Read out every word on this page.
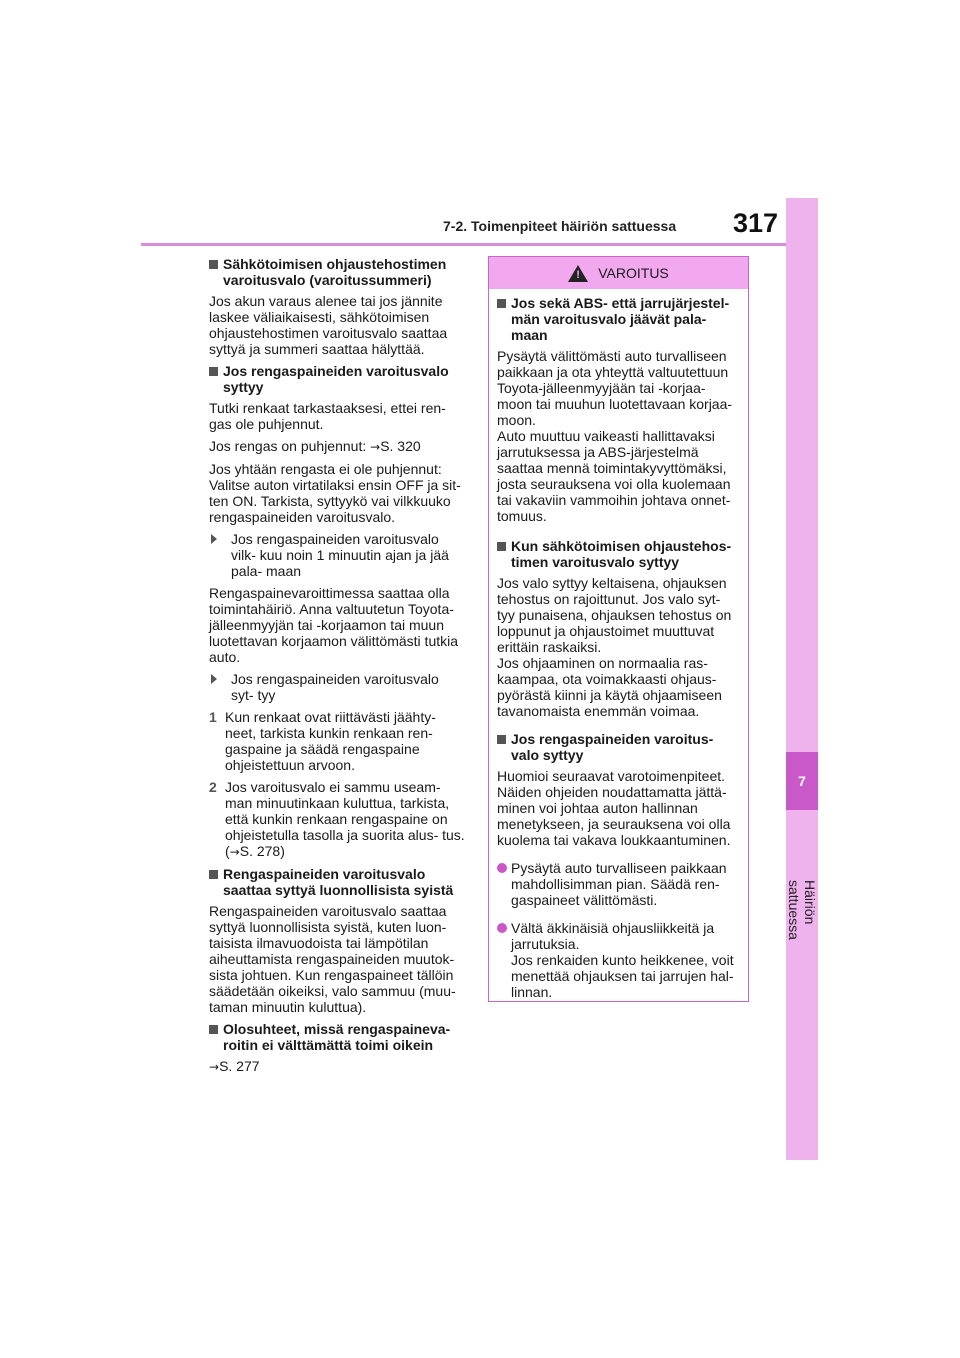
7-2. Toimenpiteet häiriön sattuessa 317
7
Häiriön sattuessa
Sähkötoimisen ohjaustehostimen varoitusvalo (varoitussummeri)

Jos akun varaus alenee tai jos jännite laskee väliaikaisesti, sähkötoimisen ohjaustehostimen varoitusvalo saattaa syttyä ja summeri saattaa hälyttää.

Jos rengaspaineiden varoitusvalo syttyy

Tutki renkaat tarkastaaksesi, ettei ren- gas ole puhjennut.

Jos rengas on puhjennut: →S. 320

Jos yhtään rengasta ei ole puhjennut: Valitse auton virtatilaksi ensin OFF ja sit- ten ON. Tarkista, syttyykö vai vilkkuuko rengaspaineiden varoitusvalo.

Jos rengaspaineiden varoitusvalo vilk- kuu noin 1 minuutin ajan ja jää pala- maan

Rengaspainevaroittimessa saattaa olla toimintahäiriö. Anna valtuutetun Toyota- jälleenmyyjän tai -korjaamon tai muun luotettavan korjaamon välittömästi tutkia auto.

Jos rengaspaineiden varoitusvalo syt- tyy
1 Kun renkaat ovat riittävästi jäähty- neet, tarkista kunkin renkaan ren- gaspaine ja säädä rengaspaine ohjeistettuun arvoon.
2 Jos varoitusvalo ei sammu useam- man minuutinkaan kuluttua, tarkista, että kunkin renkaan rengaspaine on ohjeistetulla tasolla ja suorita alus- tus. (→S. 278)
Rengaspaineiden varoitusvalo saattaa syttyä luonnollisista syistä

Rengaspaineiden varoitusvalo saattaa syttyä luonnollisista syistä, kuten luon- taisista ilmavuodoista tai lämpötilan aiheuttamista rengaspaineiden muutok- sista johtuen. Kun rengaspaineet tällöin säädetään oikeiksi, valo sammuu (muu- taman minuutin kuluttua).

Olosuhteet, missä rengaspaineva- roitin ei välttämättä toimi oikein

→S. 277

! VAROITUS
Jos sekä ABS- että jarrujärjestel- män varoitusvalo jäävät pala- maan

Pysäytä välittömästi auto turvalliseen paikkaan ja ota yhteyttä valtuutettuun Toyota-jälleenmyyjään tai -korjaa- moon tai muuhun luotettavaan korjaa- moon.

Auto muuttuu vaikeasti hallittavaksi jarrutuksessa ja ABS-järjestelmä saattaa mennä toimintakyvyttömäksi, josta seurauksena voi olla kuolemaan tai vakaviin vammoihin johtava onnet- tomuus.

Kun sähkötoimisen ohjaustehos- timen varoitusvalo syttyy

Jos valo syttyy keltaisena, ohjauksen tehostus on rajoittunut. Jos valo syt- tyy punaisena, ohjauksen tehostus on loppunut ja ohjaustoimet muuttuvat erittäin raskaiksi.

Jos ohjaaminen on normaalia ras- kaampaa, ota voimakkaasti ohjaus- pyörästä kiinni ja käytä ohjaamiseen tavanomaista enemmän voimaa.

Jos rengaspaineiden varoitus- valo syttyy

Huomioi seuraavat varotoimenpiteet. Näiden ohjeiden noudattamatta jättä- minen voi johtaa auton hallinnan menetykseen, ja seurauksena voi olla kuolema tai vakava loukkaantuminen.

Pysäytä auto turvalliseen paikkaan mahdollisimman pian. Säädä ren- gaspaineet välittömästi.
Vältä äkkinäisiä ohjausliikkeitä ja jarrutuksia.
Jos renkaiden kunto heikkenee, voit menettää ohjauksen tai jarrujen hal- linnan.
